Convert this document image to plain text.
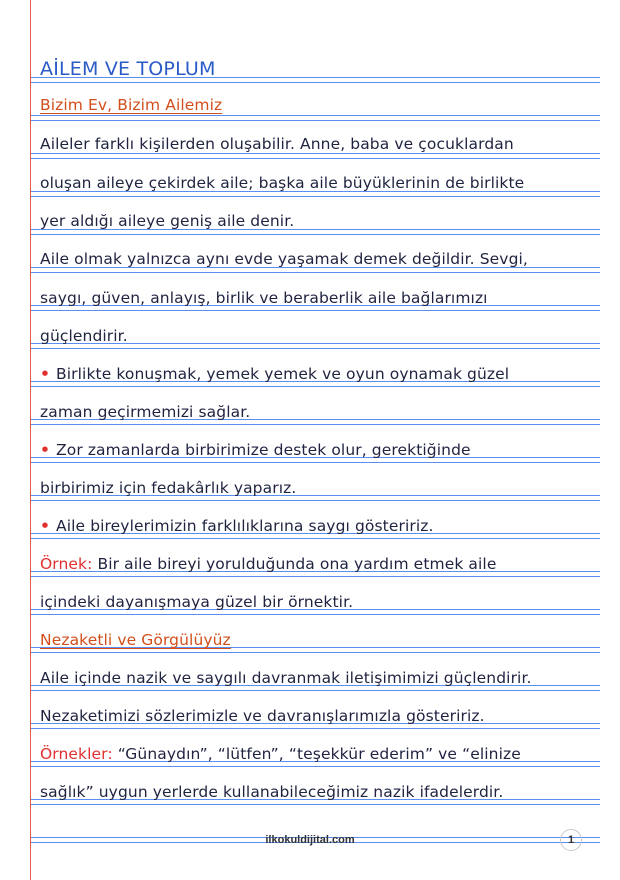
AİLEM VE TOPLUM
Bizim Ev, Bizim Ailemiz
Aileler farklı kişilerden oluşabilir. Anne, baba ve çocuklardan
oluşan aileye çekirdek aile; başka aile büyüklerinin de birlikte
yer aldığı aileye geniş aile denir.
Aile olmak yalnızca aynı evde yaşamak demek değildir. Sevgi,
saygı, güven, anlayış, birlik ve beraberlik aile bağlarımızı
güçlendirir.
• Birlikte konuşmak, yemek yemek ve oyun oynamak güzel
zaman geçirmemizi sağlar.
• Zor zamanlarda birbirimize destek olur, gerektiğinde
birbirimiz için fedakârlık yaparız.
• Aile bireylerimizin farklılıklarına saygı gösteririz.
Örnek: Bir aile bireyi yorulduğunda ona yardım etmek aile
içindeki dayanışmaya güzel bir örnektir.
Nezaketli ve Görgülüyüz
Aile içinde nazik ve saygılı davranmak iletişimimizi güçlendirir.
Nezaketimizi sözlerimizle ve davranışlarımızla gösteririz.
Örnekler: “Günaydın”, “lütfen”, “teşekkür ederim” ve “elinize
sağlık” uygun yerlerde kullanabileceğimiz nazik ifadelerdir.
ilkokuldijital.com	1
